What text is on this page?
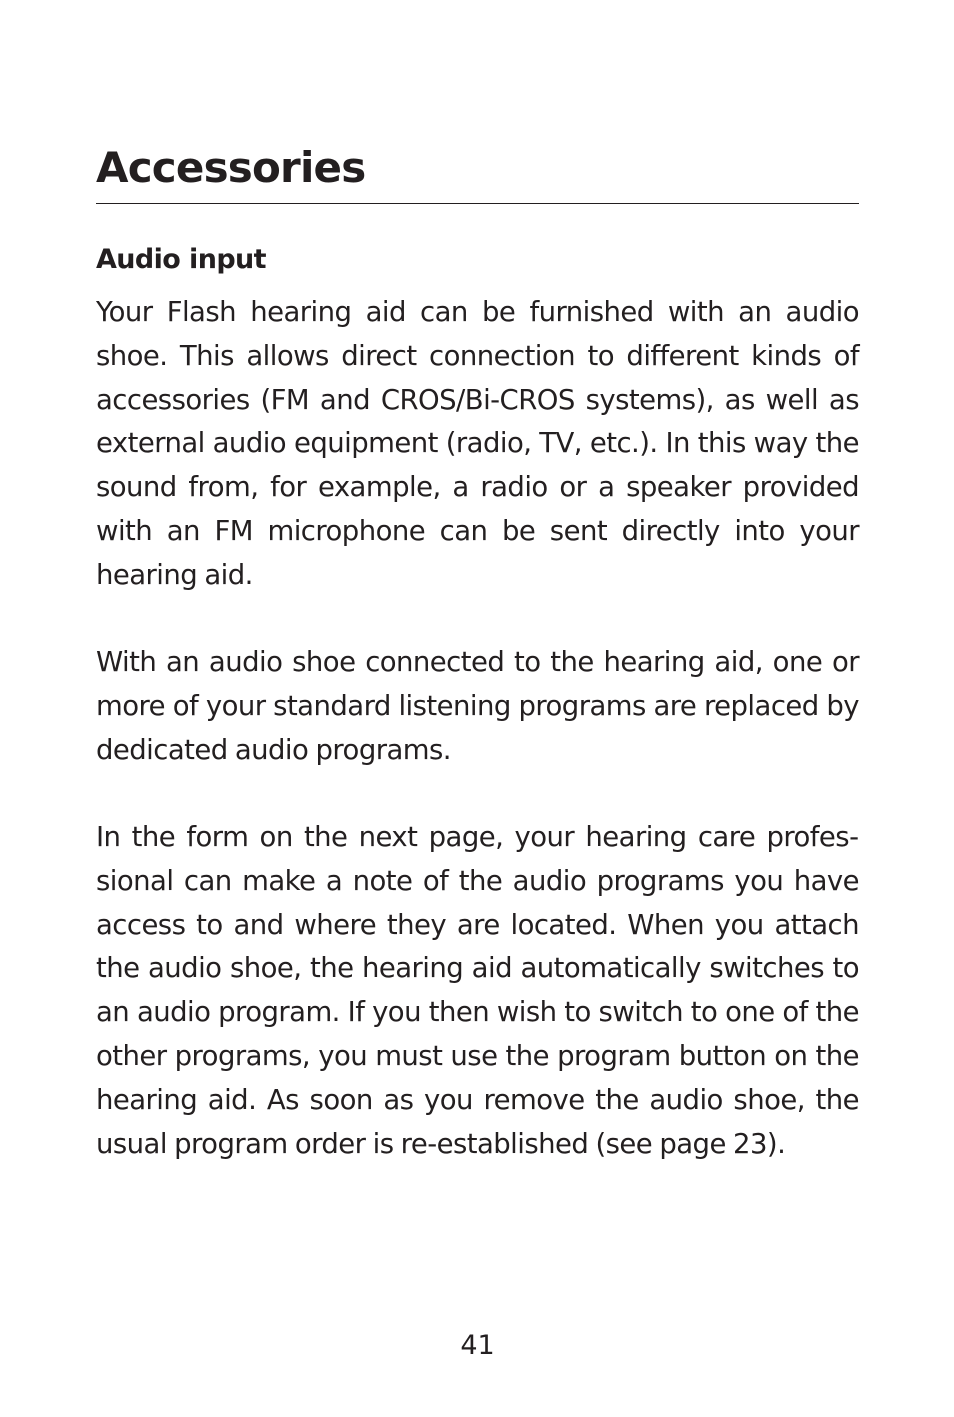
Accessories
Audio input

Your Flash hearing aid can be furnished with an audio shoe. This allows direct connection to different kinds of accessories (FM and CROS/Bi-CROS systems), as well as external audio equipment (radio, TV, etc.). In this way the sound from, for example, a radio or a speaker provided with an FM microphone can be sent directly into your hearing aid.

With an audio shoe connected to the hearing aid, one or more of your standard listening programs are replaced by dedicated audio programs.

In the form on the next page, your hearing care professional can make a note of the audio programs you have access to and where they are located. When you attach the audio shoe, the hearing aid automatically switches to an audio program. If you then wish to switch to one of the other programs, you must use the program button on the hearing aid. As soon as you remove the audio shoe, the usual program order is re-established (see page 23).

41
